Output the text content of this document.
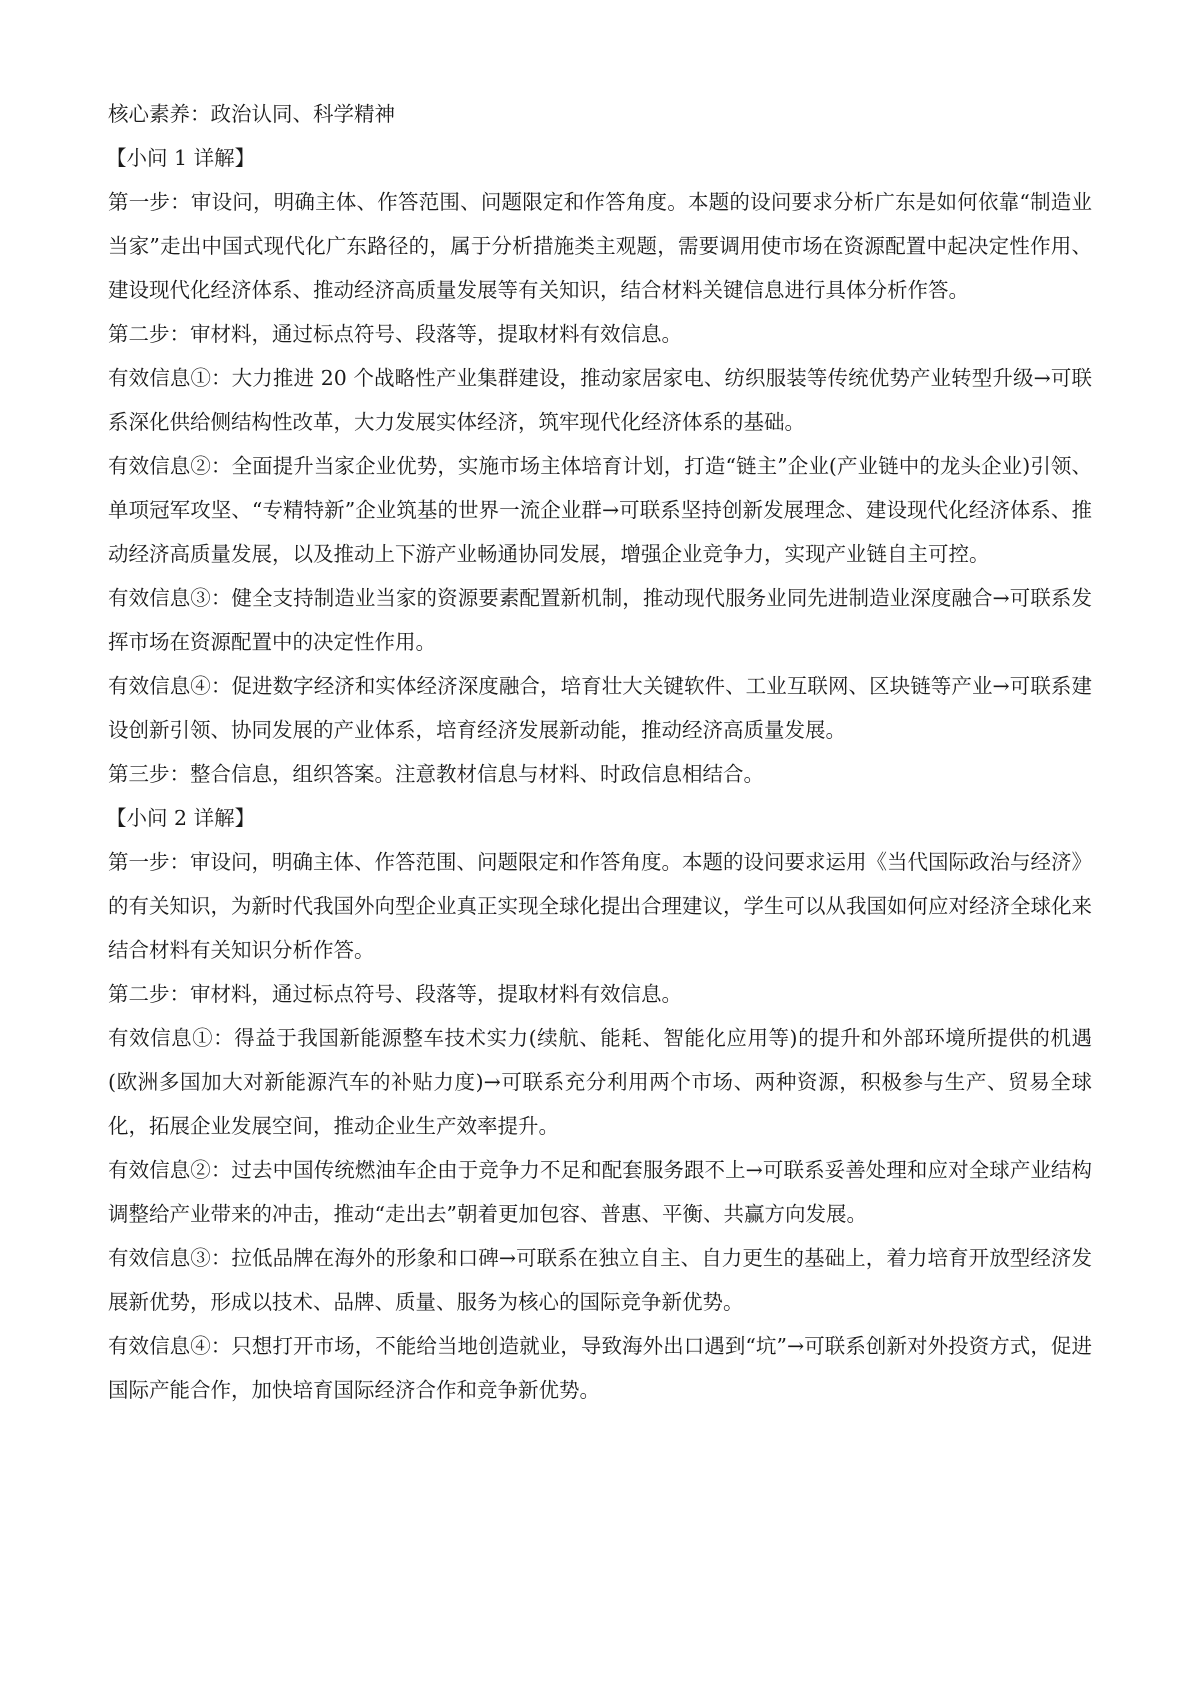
核心素养：政治认同、科学精神

【小问 1 详解】

第一步：审设问，明确主体、作答范围、问题限定和作答角度。本题的设问要求分析广东是如何依靠“制造业当家”走出中国式现代化广东路径的，属于分析措施类主观题，需要调用使市场在资源配置中起决定性作用、建设现代化经济体系、推动经济高质量发展等有关知识，结合材料关键信息进行具体分析作答。

第二步：审材料，通过标点符号、段落等，提取材料有效信息。

有效信息①：大力推进 20 个战略性产业集群建设，推动家居家电、纺织服装等传统优势产业转型升级→可联系深化供给侧结构性改革，大力发展实体经济，筑牢现代化经济体系的基础。

有效信息②：全面提升当家企业优势，实施市场主体培育计划，打造“链主”企业(产业链中的龙头企业)引领、单项冠军攻坚、“专精特新”企业筑基的世界一流企业群→可联系坚持创新发展理念、建设现代化经济体系、推动经济高质量发展，以及推动上下游产业畅通协同发展，增强企业竞争力，实现产业链自主可控。

有效信息③：健全支持制造业当家的资源要素配置新机制，推动现代服务业同先进制造业深度融合→可联系发挥市场在资源配置中的决定性作用。

有效信息④：促进数字经济和实体经济深度融合，培育壮大关键软件、工业互联网、区块链等产业→可联系建设创新引领、协同发展的产业体系，培育经济发展新动能，推动经济高质量发展。

第三步：整合信息，组织答案。注意教材信息与材料、时政信息相结合。

【小问 2 详解】

第一步：审设问，明确主体、作答范围、问题限定和作答角度。本题的设问要求运用《当代国际政治与经济》的有关知识，为新时代我国外向型企业真正实现全球化提出合理建议，学生可以从我国如何应对经济全球化来结合材料有关知识分析作答。

第二步：审材料，通过标点符号、段落等，提取材料有效信息。

有效信息①：得益于我国新能源整车技术实力(续航、能耗、智能化应用等)的提升和外部环境所提供的机遇(欧洲多国加大对新能源汽车的补贴力度)→可联系充分利用两个市场、两种资源，积极参与生产、贸易全球化，拓展企业发展空间，推动企业生产效率提升。

有效信息②：过去中国传统燃油车企由于竞争力不足和配套服务跟不上→可联系妥善处理和应对全球产业结构调整给产业带来的冲击，推动“走出去”朝着更加包容、普惠、平衡、共赢方向发展。

有效信息③：拉低品牌在海外的形象和口碑→可联系在独立自主、自力更生的基础上，着力培育开放型经济发展新优势，形成以技术、品牌、质量、服务为核心的国际竞争新优势。

有效信息④：只想打开市场，不能给当地创造就业，导致海外出口遇到“坑”→可联系创新对外投资方式，促进国际产能合作，加快培育国际经济合作和竞争新优势。
